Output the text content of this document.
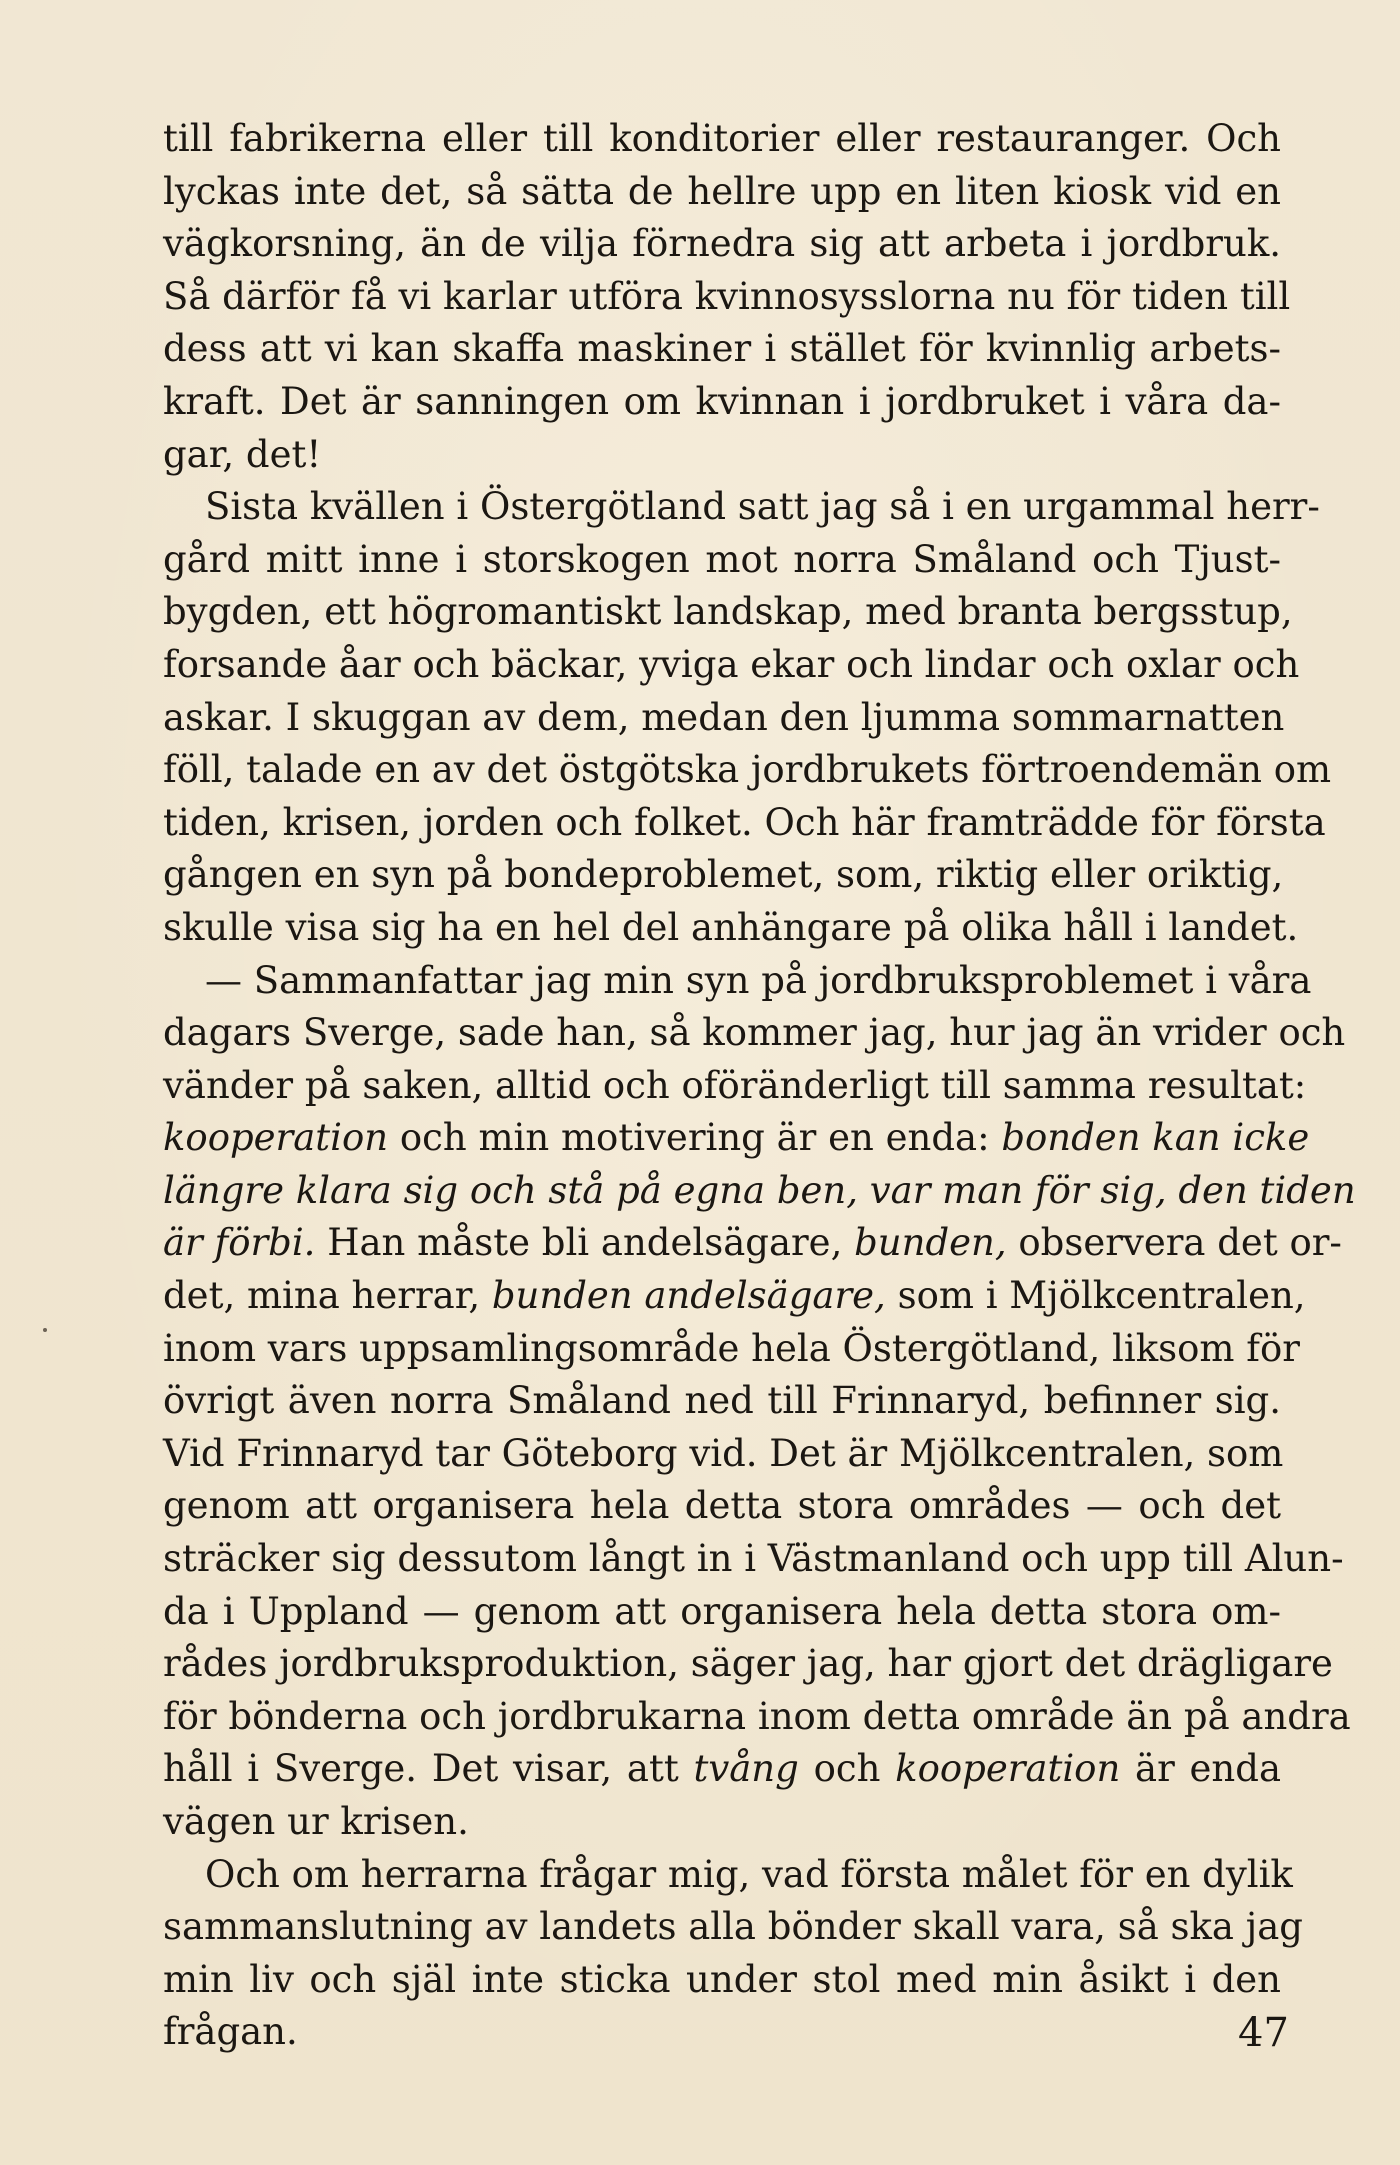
till fabrikerna eller till konditorier eller restauranger. Och
lyckas inte det, så sätta de hellre upp en liten kiosk vid en
vägkorsning, än de vilja förnedra sig att arbeta i jordbruk.
Så därför få vi karlar utföra kvinnosysslorna nu för tiden till
dess att vi kan skaffa maskiner i stället för kvinnlig arbets-
kraft. Det är sanningen om kvinnan i jordbruket i våra da-
gar, det!
Sista kvällen i Östergötland satt jag så i en urgammal herr-
gård mitt inne i storskogen mot norra Småland och Tjust-
bygden, ett högromantiskt landskap, med branta bergsstup,
forsande åar och bäckar, yviga ekar och lindar och oxlar och
askar. I skuggan av dem, medan den ljumma sommarnatten
föll, talade en av det östgötska jordbrukets förtroendemän om
tiden, krisen, jorden och folket. Och här framträdde för första
gången en syn på bondeproblemet, som, riktig eller oriktig,
skulle visa sig ha en hel del anhängare på olika håll i landet.
— Sammanfattar jag min syn på jordbruksproblemet i våra
dagars Sverge, sade han, så kommer jag, hur jag än vrider och
vänder på saken, alltid och oföränderligt till samma resultat:
kooperation och min motivering är en enda: bonden kan icke
längre klara sig och stå på egna ben, var man för sig, den tiden
är förbi. Han måste bli andelsägare, bunden, observera det or-
det, mina herrar, bunden andelsägare, som i Mjölkcentralen,
inom vars uppsamlingsområde hela Östergötland, liksom för
övrigt även norra Småland ned till Frinnaryd, befinner sig.
Vid Frinnaryd tar Göteborg vid. Det är Mjölkcentralen, som
genom att organisera hela detta stora områdes — och det
sträcker sig dessutom långt in i Västmanland och upp till Alun-
da i Uppland — genom att organisera hela detta stora om-
rådes jordbruksproduktion, säger jag, har gjort det drägligare
för bönderna och jordbrukarna inom detta område än på andra
håll i Sverge. Det visar, att tvång och kooperation är enda
vägen ur krisen.
Och om herrarna frågar mig, vad första målet för en dylik
sammanslutning av landets alla bönder skall vara, så ska jag
min liv och själ inte sticka under stol med min åsikt i den
frågan.	47
